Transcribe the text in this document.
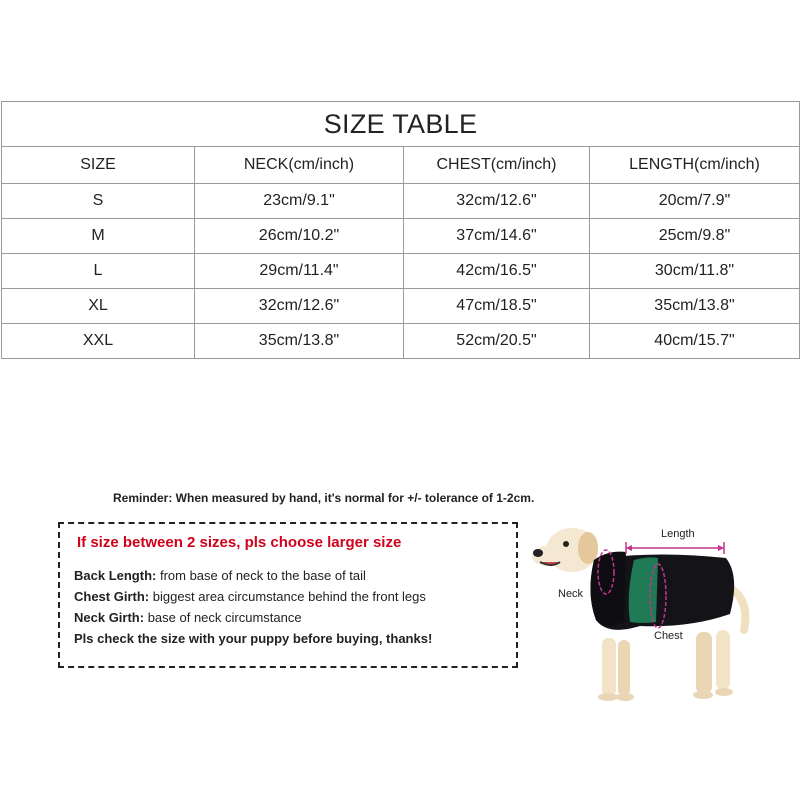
SIZE TABLE			
SIZE	NECK(cm/inch)	CHEST(cm/inch)	LENGTH(cm/inch)
S	23cm/9.1"	32cm/12.6"	20cm/7.9"
M	26cm/10.2"	37cm/14.6"	25cm/9.8"
L	29cm/11.4"	42cm/16.5"	30cm/11.8"
XL	32cm/12.6"	47cm/18.5"	35cm/13.8"
XXL	35cm/13.8"	52cm/20.5"	40cm/15.7"
Reminder: When measured by hand, it's normal for +/- tolerance of 1-2cm.
If size between 2 sizes, pls choose larger size
Back Length: from base of neck to the base of tail
Chest Girth: biggest area circumstance behind the front legs
Neck Girth: base of neck circumstance
Pls check the size with your puppy before buying, thanks!
Length
Neck
Chest
